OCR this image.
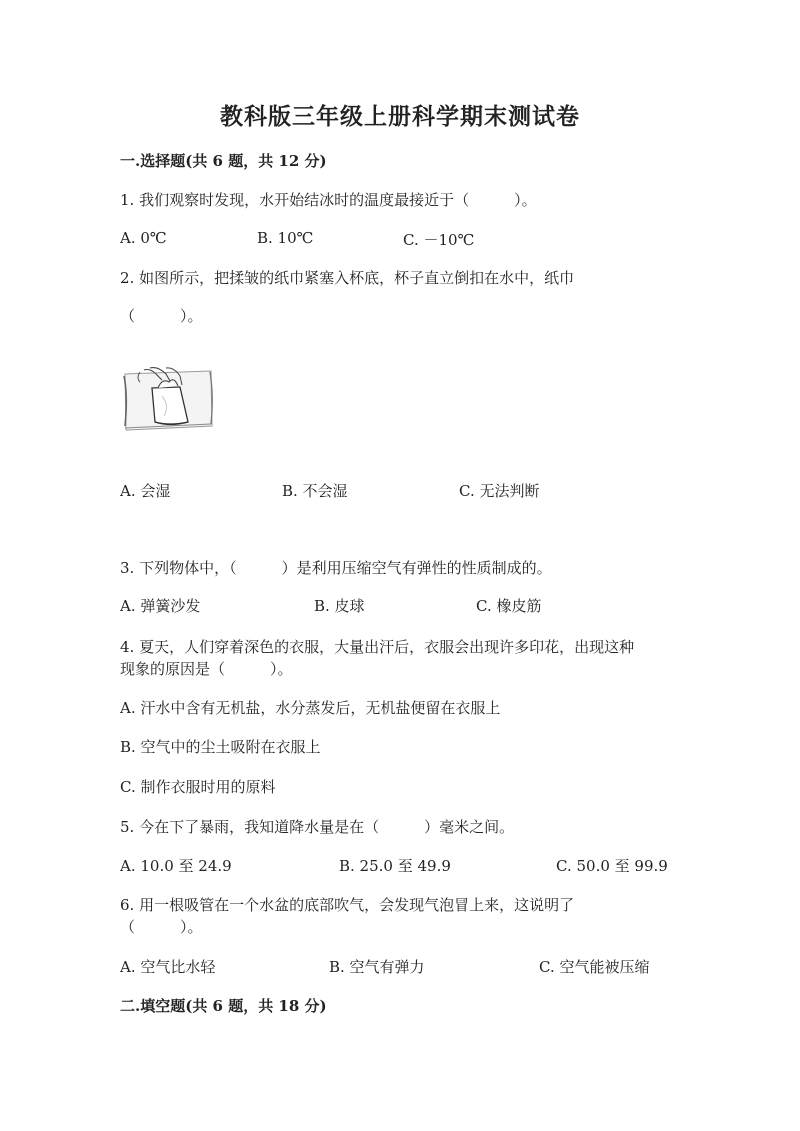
教科版三年级上册科学期末测试卷
一.选择题(共 6 题，共 12 分)
1. 我们观察时发现，水开始结冰时的温度最接近于（　　　）。
A. 0℃	B. 10℃	C. －10℃
2. 如图所示，把揉皱的纸巾紧塞入杯底，杯子直立倒扣在水中，纸巾
（　　　）。
A. 会湿	B. 不会湿	C. 无法判断
3. 下列物体中，（　　　）是利用压缩空气有弹性的性质制成的。
A. 弹簧沙发	B. 皮球	C. 橡皮筋
4. 夏天，人们穿着深色的衣服，大量出汗后，衣服会出现许多印花，出现这种
现象的原因是（　　　）。
A. 汗水中含有无机盐，水分蒸发后，无机盐便留在衣服上
B. 空气中的尘土吸附在衣服上
C. 制作衣服时用的原料
5. 今在下了暴雨，我知道降水量是在（　　　）毫米之间。
A. 10.0 至 24.9	B. 25.0 至 49.9	C. 50.0 至 99.9
6. 用一根吸管在一个水盆的底部吹气，会发现气泡冒上来，这说明了
（　　　）。
A. 空气比水轻	B. 空气有弹力	C. 空气能被压缩
二.填空题(共 6 题，共 18 分)
